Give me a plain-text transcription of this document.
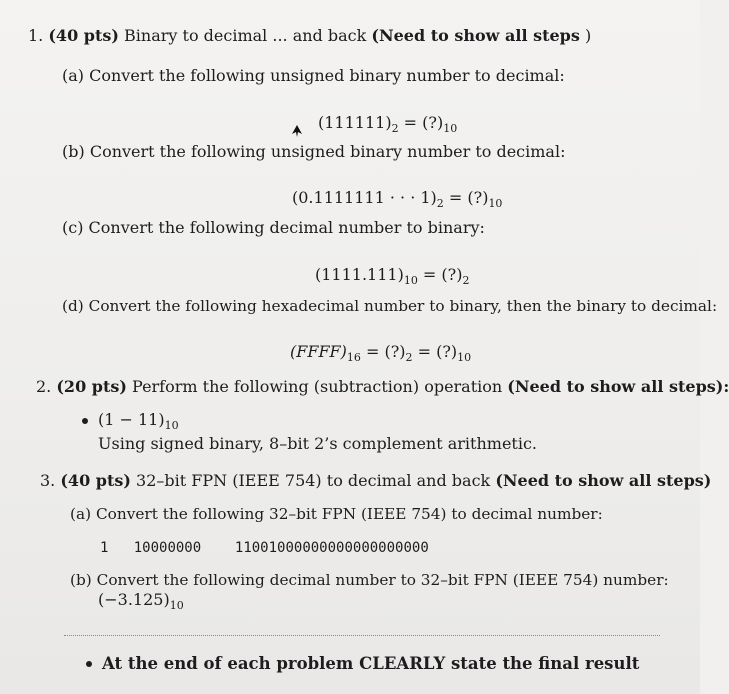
1. (40 pts) Binary to decimal ... and back (Need to show all steps )
(a) Convert the following unsigned binary number to decimal:
$(111111)_2$ = $(?)_{10}$
(b) Convert the following unsigned binary number to decimal:
(0.1111111 · · · $1)_2$ = $(?)_{10}$
(c) Convert the following decimal number to binary:
$(1111.111)_{10}$ = $(?)_2$
(d) Convert the following hexadecimal number to binary, then the binary to decimal:
$(FFFF)_{16}$ = $(?)_2$ = $(?)_{10}$
2. (20 pts) Perform the following (subtraction) operation (Need to show all steps):
$(1 - 11)_{10}$
Using signed binary, 8–bit 2’s complement arithmetic.
3. (40 pts) 32–bit FPN (IEEE 754) to decimal and back (Need to show all steps)
(a) Convert the following 32–bit FPN (IEEE 754) to decimal number:
1 10000000 11001000000000000000000
(b) Convert the following decimal number to 32–bit FPN (IEEE 754) number:
$(-3.125)_{10}$
At the end of each problem CLEARLY state the final result
